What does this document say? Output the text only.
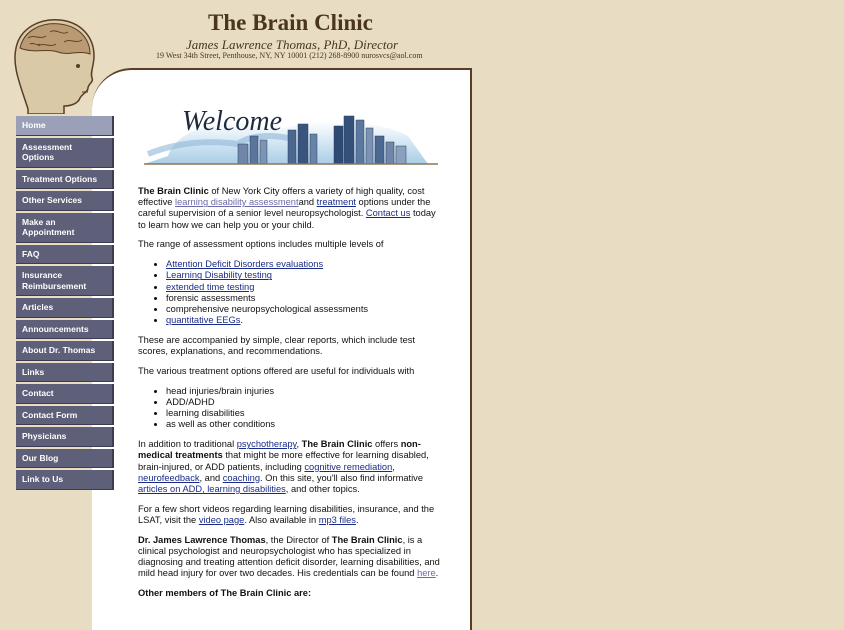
The Brain Clinic
James Lawrence Thomas, PhD, Director
19 West 34th Street, Penthouse, NY, NY 10001 (212) 268-8900 nurosvcs@aol.com
Home
Assessment Options
Treatment Options
Other Services
Make an Appointment
FAQ
Insurance Reimbursement
Articles
Announcements
About Dr. Thomas
Links
Contact
Contact Form
Physicians
Our Blog
Link to Us
Welcome

The Brain Clinic of New York City offers a variety of high quality, cost effective learning disability assessmentand treatment options under the careful supervision of a senior level neuropsychologist. Contact us today to learn how we can help you or your child.

The range of assessment options includes multiple levels of

• Attention Deficit Disorders evaluations
• Learning Disability testing
• extended time testing
• forensic assessments
• comprehensive neuropsychological assessments
• quantitative EEGs.

These are accompanied by simple, clear reports, which include test scores, explanations, and recommendations.

The various treatment options offered are useful for individuals with

• head injuries/brain injuries
• ADD/ADHD
• learning disabilities
• as well as other conditions

In addition to traditional psychotherapy, The Brain Clinic offers non-medical treatments that might be more effective for learning disabled, brain-injured, or ADD patients, including cognitive remediation, neurofeedback, and coaching. On this site, you'll also find informative articles on ADD, learning disabilities, and other topics.

For a few short videos regarding learning disabilities, insurance, and the LSAT, visit the video page. Also available in mp3 files.

Dr. James Lawrence Thomas, the Director of The Brain Clinic, is a clinical psychologist and neuropsychologist who has specialized in diagnosing and treating attention deficit disorder, learning disabilities, and mild head injury for over two decades. His credentials can be found here.

Other members of The Brain Clinic are:
